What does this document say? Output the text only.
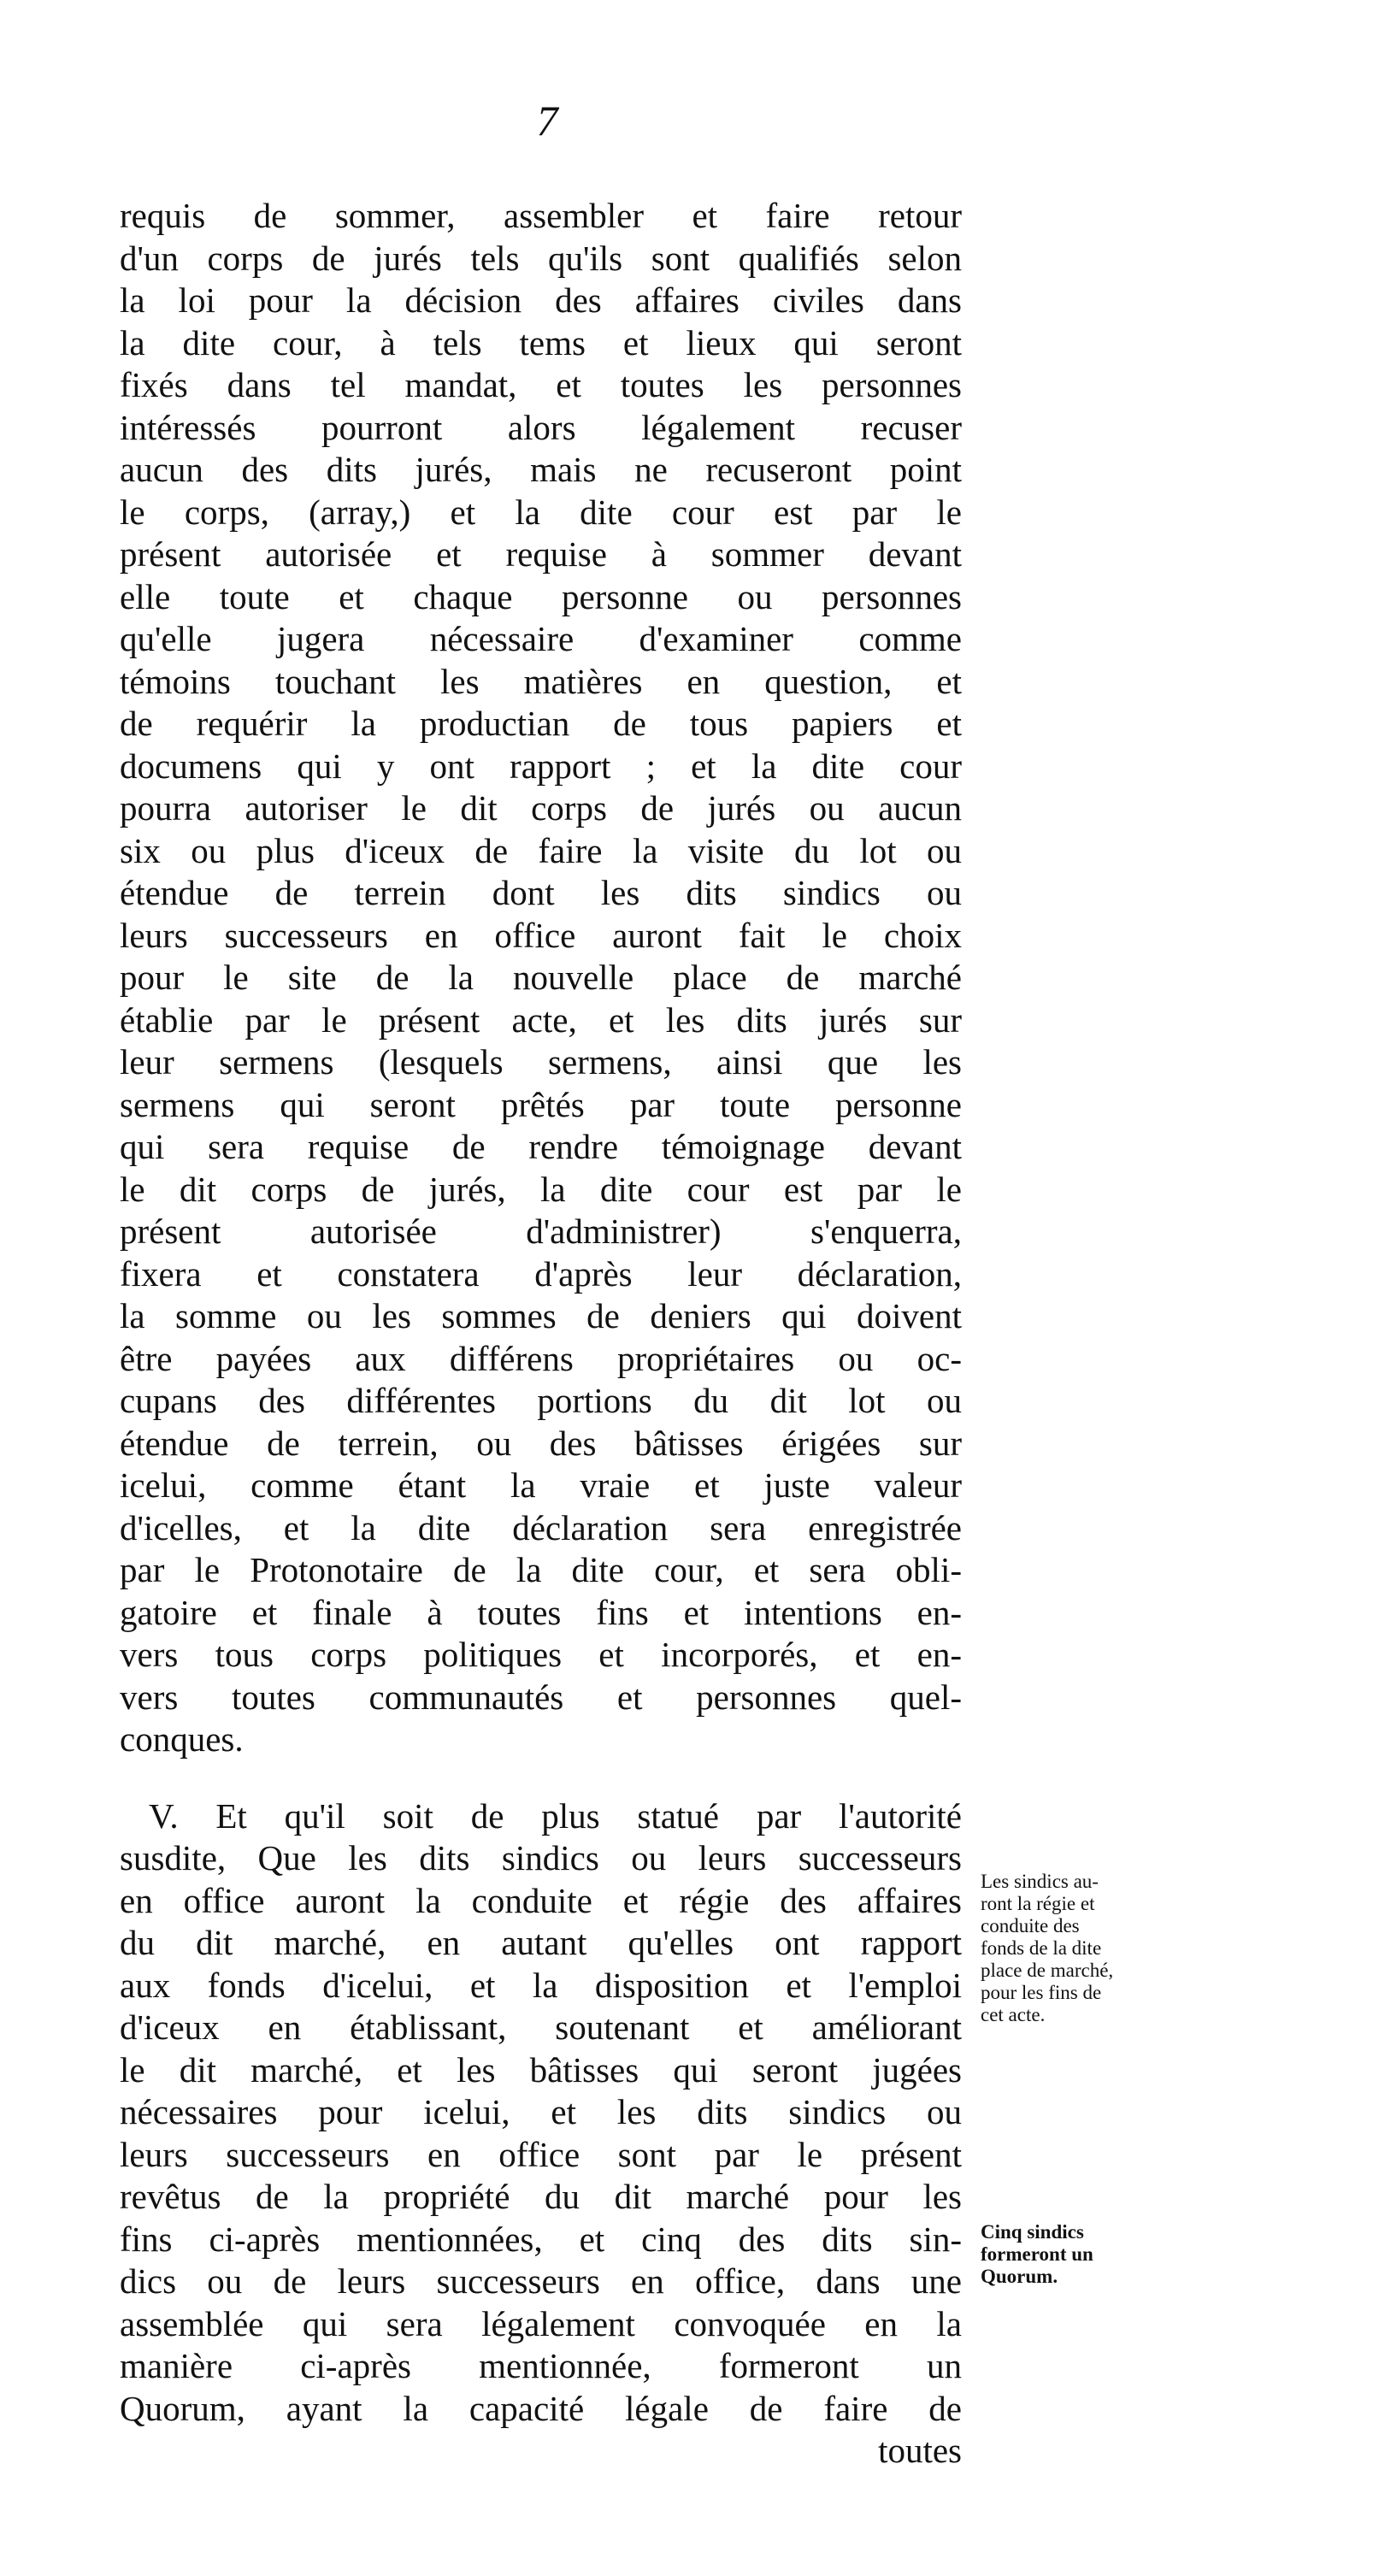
7
requis de sommer, assembler et faire retour
d'un corps de jurés tels qu'ils sont qualifiés selon
la loi pour la décision des affaires civiles dans
la dite cour, à tels tems et lieux qui seront
fixés dans tel mandat, et toutes les personnes
intéressés pourront alors légalement recuser
aucun des dits jurés, mais ne recuseront point
le corps, (array,) et la dite cour est par le
présent autorisée et requise à sommer devant
elle toute et chaque personne ou personnes
qu'elle jugera nécessaire d'examiner comme
témoins touchant les matières en question, et
de requérir la productian de tous papiers et
documens qui y ont rapport ; et la dite cour
pourra autoriser le dit corps de jurés ou aucun
six ou plus d'iceux de faire la visite du lot ou
étendue de terrein dont les dits sindics ou
leurs successeurs en office auront fait le choix
pour le site de la nouvelle place de marché
établie par le présent acte, et les dits jurés sur
leur sermens (lesquels sermens, ainsi que les
sermens qui seront prêtés par toute personne
qui sera requise de rendre témoignage devant
le dit corps de jurés, la dite cour est par le
présent autorisée d'administrer) s'enquerra,
fixera et constatera d'après leur déclaration,
la somme ou les sommes de deniers qui doivent
être payées aux différens propriétaires ou oc-
cupans des différentes portions du dit lot ou
étendue de terrein, ou des bâtisses érigées sur
icelui, comme étant la vraie et juste valeur
d'icelles, et la dite déclaration sera enregistrée
par le Protonotaire de la dite cour, et sera obli-
gatoire et finale à toutes fins et intentions en-
vers tous corps politiques et incorporés, et en-
vers toutes communautés et personnes quel-
conques.
V. Et qu'il soit de plus statué par l'autorité
susdite, Que les dits sindics ou leurs successeurs
en office auront la conduite et régie des affaires
du dit marché, en autant qu'elles ont rapport
aux fonds d'icelui, et la disposition et l'emploi
d'iceux en établissant, soutenant et améliorant
le dit marché, et les bâtisses qui seront jugées
nécessaires pour icelui, et les dits sindics ou
leurs successeurs en office sont par le présent
revêtus de la propriété du dit marché pour les
fins ci-après mentionnées, et cinq des dits sin-
dics ou de leurs successeurs en office, dans une
assemblée qui sera légalement convoquée en la
manière ci-après mentionnée, formeront un
Quorum, ayant la capacité légale de faire de
toutes
Les sindics au-
ront la régie et
conduite des
fonds de la dite
place de marché,
pour les fins de
cet acte.
Cinq sindics
formeront un
Quorum.
